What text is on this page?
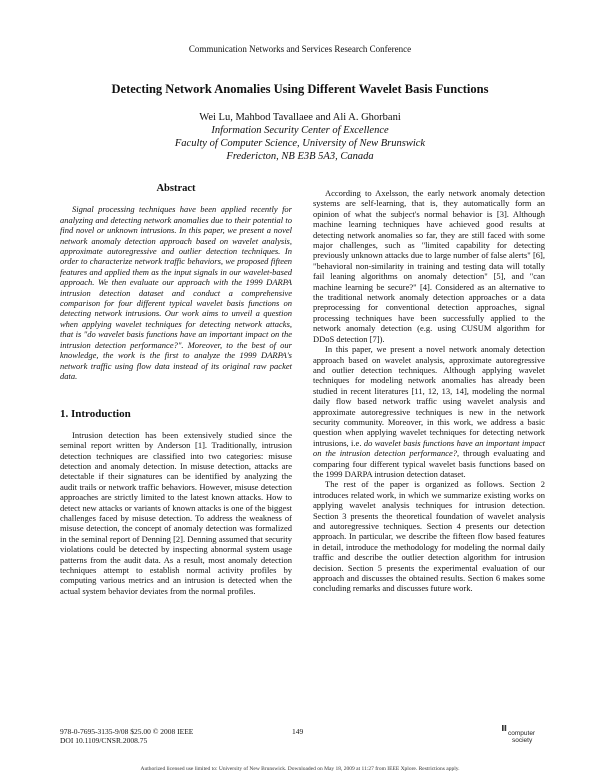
Communication Networks and Services Research Conference
Detecting Network Anomalies Using Different Wavelet Basis Functions
Wei Lu, Mahbod Tavallaee and Ali A. Ghorbani
Information Security Center of Excellence
Faculty of Computer Science, University of New Brunswick
Fredericton, NB E3B 5A3, Canada
Abstract

Signal processing techniques have been applied recently for analyzing and detecting network anomalies due to their potential to find novel or unknown intrusions. In this paper, we present a novel network anomaly detection approach based on wavelet analysis, approximate autoregressive and outlier detection techniques. In order to characterize network traffic behaviors, we proposed fifteen features and applied them as the input signals in our wavelet-based approach. We then evaluate our approach with the 1999 DARPA intrusion detection dataset and conduct a comprehensive comparison for four different typical wavelet basis functions on detecting network intrusions. Our work aims to unveil a question when applying wavelet techniques for detecting network attacks, that is "do wavelet basis functions have an important impact on the intrusion detection performance?". Moreover, to the best of our knowledge, the work is the first to analyze the 1999 DARPA's network traffic using flow data instead of its original raw packet data.

1. Introduction

Intrusion detection has been extensively studied since the seminal report written by Anderson [1]. Traditionally, intrusion detection techniques are classified into two categories: misuse detection and anomaly detection. In misuse detection, attacks are detectable if their signatures can be identified by analyzing the audit trails or network traffic behaviors. However, misuse detection approaches are strictly limited to the latest known attacks. How to detect new attacks or variants of known attacks is one of the biggest challenges faced by misuse detection. To address the weakness of misuse detection, the concept of anomaly detection was formalized in the seminal report of Denning [2]. Denning assumed that security violations could be detected by inspecting abnormal system usage patterns from the audit data. As a result, most anomaly detection techniques attempt to establish normal activity profiles by computing various metrics and an intrusion is detected when the actual system behavior deviates from the normal profiles.

According to Axelsson, the early network anomaly detection systems are self-learning, that is, they automatically form an opinion of what the subject's normal behavior is [3]. Although machine learning techniques have achieved good results at detecting network anomalies so far, they are still faced with some major challenges, such as "limited capability for detecting previously unknown attacks due to large number of false alerts" [6], "behavioral non-similarity in training and testing data will totally fail leaning algorithms on anomaly detection" [5], and "can machine learning be secure?" [4]. Considered as an alternative to the traditional network anomaly detection approaches or a data preprocessing for conventional detection approaches, signal processing techniques have been successfully applied to the network anomaly detection (e.g. using CUSUM algorithm for DDoS detection [7]).

In this paper, we present a novel network anomaly detection approach based on wavelet analysis, approximate autoregressive and outlier detection techniques. Although applying wavelet techniques for modeling network anomalies has already been studied in recent literatures [11, 12, 13, 14], modeling the normal daily flow based network traffic using wavelet analysis and approximate autoregressive techniques is new in the network security community. Moreover, in this work, we address a basic question when applying wavelet techniques for detecting network intrusions, i.e. do wavelet basis functions have an important impact on the intrusion detection performance?, through evaluating and comparing four different typical wavelet basis functions based on the 1999 DARPA intrusion detection dataset.

The rest of the paper is organized as follows. Section 2 introduces related work, in which we summarize existing works on applying wavelet analysis techniques for intrusion detection. Section 3 presents the theoretical foundation of wavelet analysis and autoregressive techniques. Section 4 presents our detection approach. In particular, we describe the fifteen flow based features in detail, introduce the methodology for modeling the normal daily traffic and describe the outlier detection algorithm for intrusion decision. Section 5 presents the experimental evaluation of our approach and discusses the obtained results. Section 6 makes some concluding remarks and discusses future work.

978-0-7695-3135-9/08 $25.00 © 2008 IEEE
DOI 10.1109/CNSR.2008.75
149	computer
society
Authorized licensed use limited to: University of New Brunswick. Downloaded on May 18, 2009 at 11:27 from IEEE Xplore. Restrictions apply.
